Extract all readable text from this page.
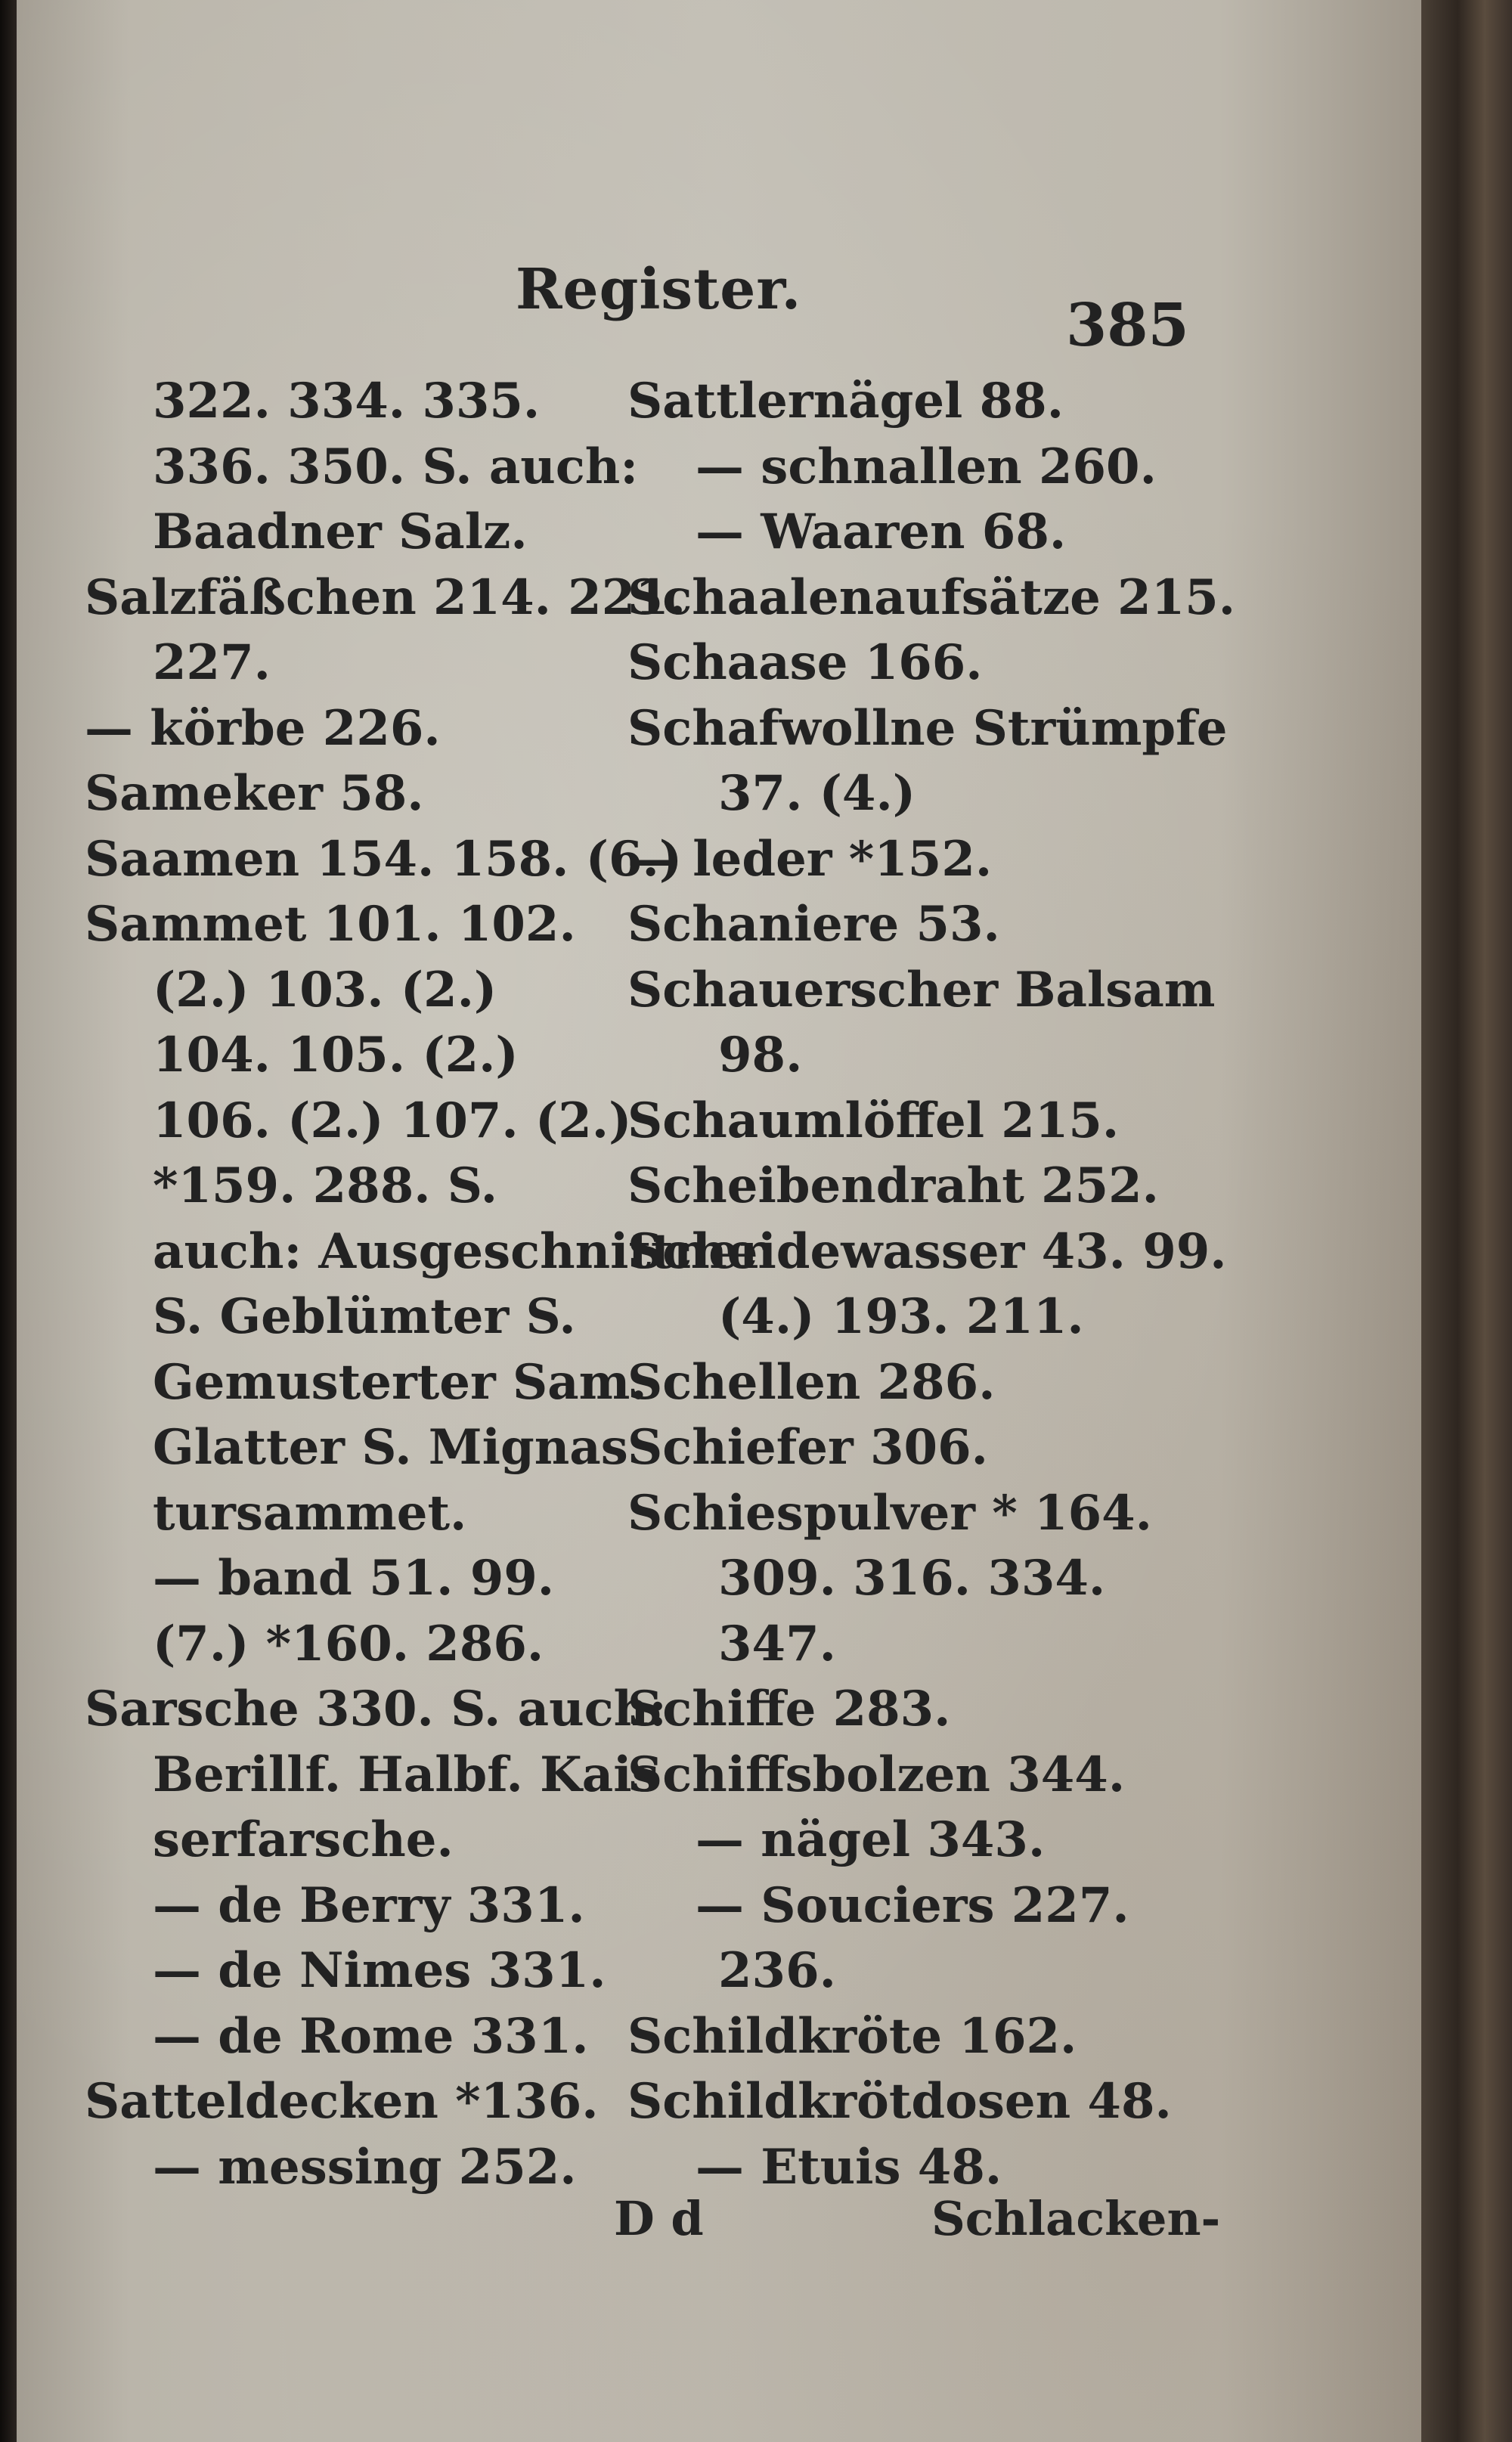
Register.
385
322. 334. 335.
336. 350. S. auch:
Baadner Salz.
Salzfäßchen 214. 221.
227.
— körbe 226.
Sameker 58.
Saamen 154. 158. (6.)
Sammet 101. 102.
(2.) 103. (2.)
104. 105. (2.)
106. (2.) 107. (2.)
*159. 288. S.
auch: Ausgeschnittner
S. Geblümter S.
Gemusterter Sam.
Glatter S. Mignas
tursammet.
— band 51. 99.
(7.) *160. 286.
Sarsche 330. S. auch:
Berillf. Halbf. Kais
serfarsche.
— de Berry 331.
— de Nimes 331.
— de Rome 331.
Satteldecken *136.
— messing 252.
Sattlernägel 88.
— schnallen 260.
— Waaren 68.
Schaalenaufsätze 215.
Schaase 166.
Schafwollne Strümpfe
37. (4.)
— leder *152.
Schaniere 53.
Schauerscher Balsam
98.
Schaumlöffel 215.
Scheibendraht 252.
Scheidewasser 43. 99.
(4.) 193. 211.
Schellen 286.
Schiefer 306.
Schiespulver * 164.
309. 316. 334.
347.
Schiffe 283.
Schiffsbolzen 344.
— nägel 343.
— Souciers 227.
236.
Schildkröte 162.
Schildkrötdosen 48.
— Etuis 48.
D d	Schlacken-
